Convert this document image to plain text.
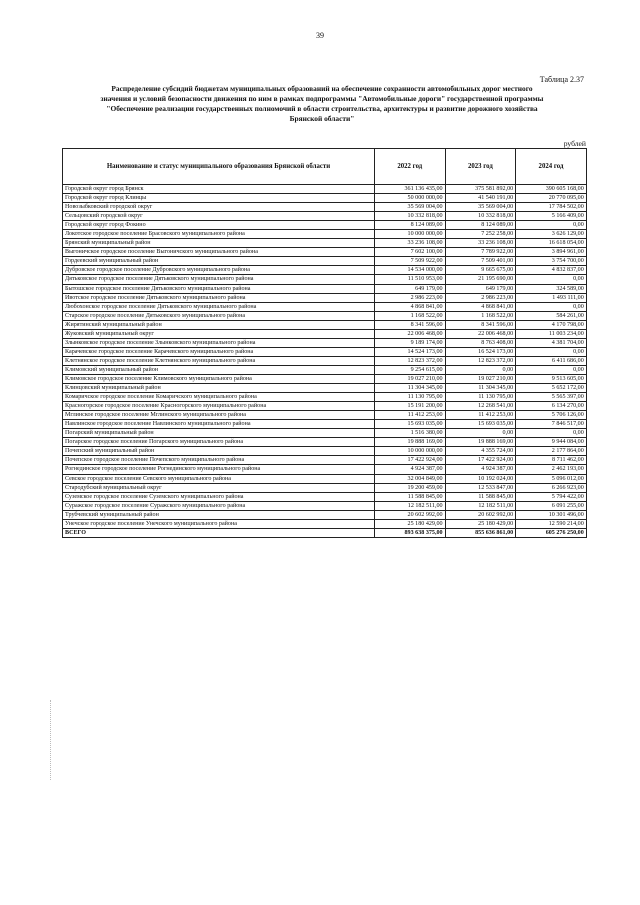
39
Таблица 2.37
Распределение субсидий бюджетам муниципальных образований на обеспечение сохранности автомобильных дорог местного
значения и условий безопасности движения по ним в рамках подпрограммы "Автомобильные дороги" государственной программы
"Обеспечение реализации государственных полномочий в области строительства, архитектуры и развитие дорожного хозяйства
Брянской области"
рублей
Наименование и статус муниципального образования Брянской области	2022 год	2023 год	2024 год
Городской округ город Брянск	361 136 435,00	375 581 892,00	390 605 168,00
Городской округ город Клинцы	50 000 000,00	41 540 191,00	20 770 095,00
Новозыбковский городской округ	35 569 004,00	35 569 004,00	17 784 502,00
Сельцовский городской округ	10 332 818,00	10 332 818,00	5 166 409,00
Городской округ город Фокино	8 124 089,00	8 124 089,00	0,00
Локотское городское поселение Брасовского муниципального района	10 000 000,00	7 252 258,00	3 626 129,00
Брянский муниципальный район	33 236 108,00	33 236 108,00	16 618 054,00
Выгоничское городское поселение Выгоничского муниципального района	7 602 100,00	7 789 922,00	3 894 961,00
Гордеевский муниципальный район	7 509 922,00	7 509 401,00	3 754 700,00
Дубровское городское поселение Дубровского муниципального района	14 534 000,00	9 665 675,00	4 832 837,00
Дятьковское городское поселение Дятьковского муниципального района	11 510 953,00	21 195 690,00	0,00
Бытошское городское поселение Дятьковского муниципального района	649 179,00	649 179,00	324 589,00
Ивотское городское поселение Дятьковского муниципального района	2 986 223,00	2 986 223,00	1 493 111,00
Любохонское городское поселение Дятьковского муниципального района	4 868 841,00	4 868 841,00	0,00
Старское городское поселение Дятьковского муниципального района	1 168 522,00	1 168 522,00	584 261,00
Жирятинский муниципальный район	8 341 596,00	8 341 596,00	4 170 798,00
Жуковский муниципальный округ	22 006 468,00	22 006 468,00	11 003 234,00
Злынковское городское поселение Злынковского муниципального района	9 189 174,00	8 763 408,00	4 381 704,00
Карачевское городское поселение Карачевского муниципального района	14 524 173,00	16 524 173,00	0,00
Клетнянское городское поселение Клетнянского муниципального района	12 823 372,00	12 823 372,00	6 411 686,00
Климовский муниципальный район	9 254 615,00	0,00	0,00
Климовское городское поселение Климовского муниципального района	19 027 210,00	19 027 210,00	9 513 605,00
Клинцовский муниципальный район	11 304 345,00	11 304 345,00	5 652 172,00
Комаричское городское поселение Комаричского муниципального района	11 130 795,00	11 130 795,00	5 565 397,00
Красногорское городское поселение Красногорского муниципального района	15 191 200,00	12 268 541,00	6 134 270,00
Мглинское городское поселение Мглинского муниципального района	11 412 253,00	11 412 253,00	5 706 126,00
Навлинское городское поселение Навлинского муниципального района	15 693 035,00	15 693 035,00	7 846 517,00
Погарский муниципальный район	1 516 380,00	0,00	0,00
Погарское городское поселение Погарского муниципального района	19 888 169,00	19 888 169,00	9 944 084,00
Почепский муниципальный район	10 000 000,00	4 355 724,00	2 177 864,00
Почепское городское поселение Почепского муниципального района	17 422 924,00	17 422 924,00	8 711 462,00
Рогнединское городское поселение Рогнединского муниципального района	4 924 387,00	4 924 387,00	2 462 193,00
Севское городское поселение Севского муниципального района	32 004 849,00	10 192 024,00	5 096 012,00
Стародубский муниципальный округ	19 200 459,00	12 533 847,00	6 266 923,00
Суземское городское поселение Суземского муниципального района	11 588 845,00	11 588 845,00	5 794 422,00
Суражское городское поселение Суражского муниципального района	12 182 511,00	12 182 511,00	6 091 255,00
Трубчевский муниципальный район	20 602 992,00	20 602 992,00	10 301 496,00
Унечское городское поселение Унечского муниципального района	25 180 429,00	25 180 429,00	12 590 214,00
ВСЕГО	893 638 375,00	855 636 861,00	605 276 250,00
